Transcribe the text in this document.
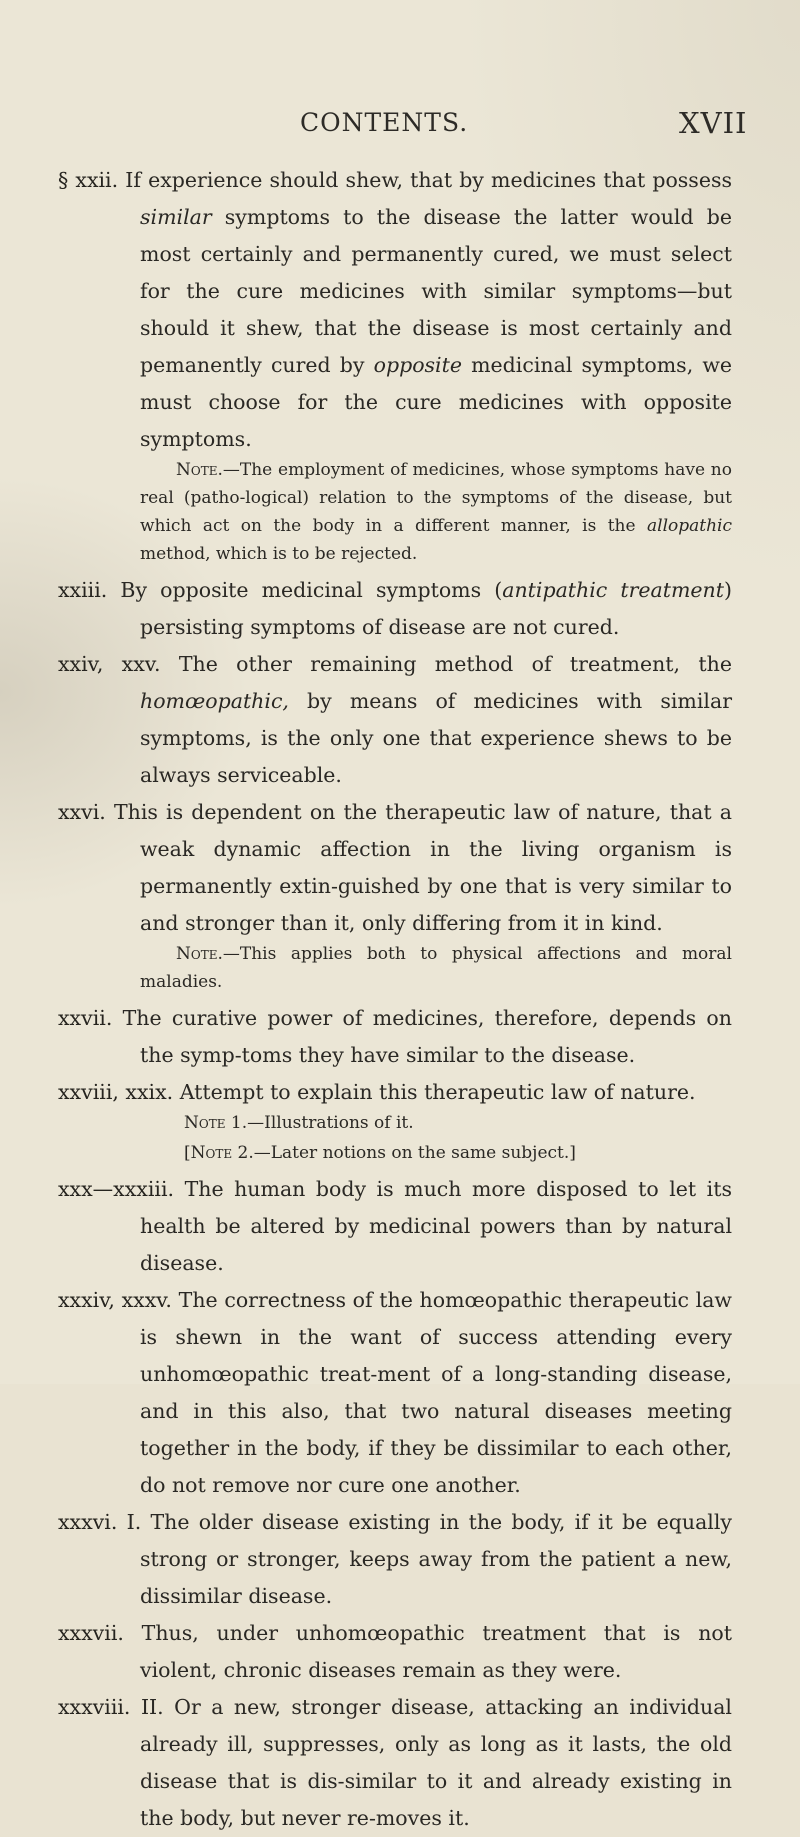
CONTENTS.	XVII
§ xxii. If experience should shew, that by medicines that possess similar symptoms to the disease the latter would be most certainly and permanently cured, we must select for the cure medicines with similar symptoms—but should it shew, that the disease is most certainly and pemanently cured by opposite medicinal symptoms, we must choose for the cure medicines with opposite symptoms.
Note.—The employment of medicines, whose symptoms have no real (patho-logical) relation to the symptoms of the disease, but which act on the body in a different manner, is the allopathic method, which is to be rejected.
xxiii. By opposite medicinal symptoms (antipathic treatment) persisting symptoms of disease are not cured.
xxiv, xxv. The other remaining method of treatment, the homœopathic, by means of medicines with similar symptoms, is the only one that experience shews to be always serviceable.
xxvi. This is dependent on the therapeutic law of nature, that a weak dynamic affection in the living organism is permanently extin-guished by one that is very similar to and stronger than it, only differing from it in kind.
Note.—This applies both to physical affections and moral maladies.
xxvii. The curative power of medicines, therefore, depends on the symp-toms they have similar to the disease.
xxviii, xxix. Attempt to explain this therapeutic law of nature.
Note 1.—Illustrations of it.
[Note 2.—Later notions on the same subject.]
xxx—xxxiii. The human body is much more disposed to let its health be altered by medicinal powers than by natural disease.
xxxiv, xxxv. The correctness of the homœopathic therapeutic law is shewn in the want of success attending every unhomœopathic treat-ment of a long-standing disease, and in this also, that two natural diseases meeting together in the body, if they be dissimilar to each other, do not remove nor cure one another.
xxxvi. I. The older disease existing in the body, if it be equally strong or stronger, keeps away from the patient a new, dissimilar disease.
xxxvii. Thus, under unhomœopathic treatment that is not violent, chronic diseases remain as they were.
xxxviii. II. Or a new, stronger disease, attacking an individual already ill, suppresses, only as long as it lasts, the old disease that is dis-similar to it and already existing in the body, but never re-moves it.
